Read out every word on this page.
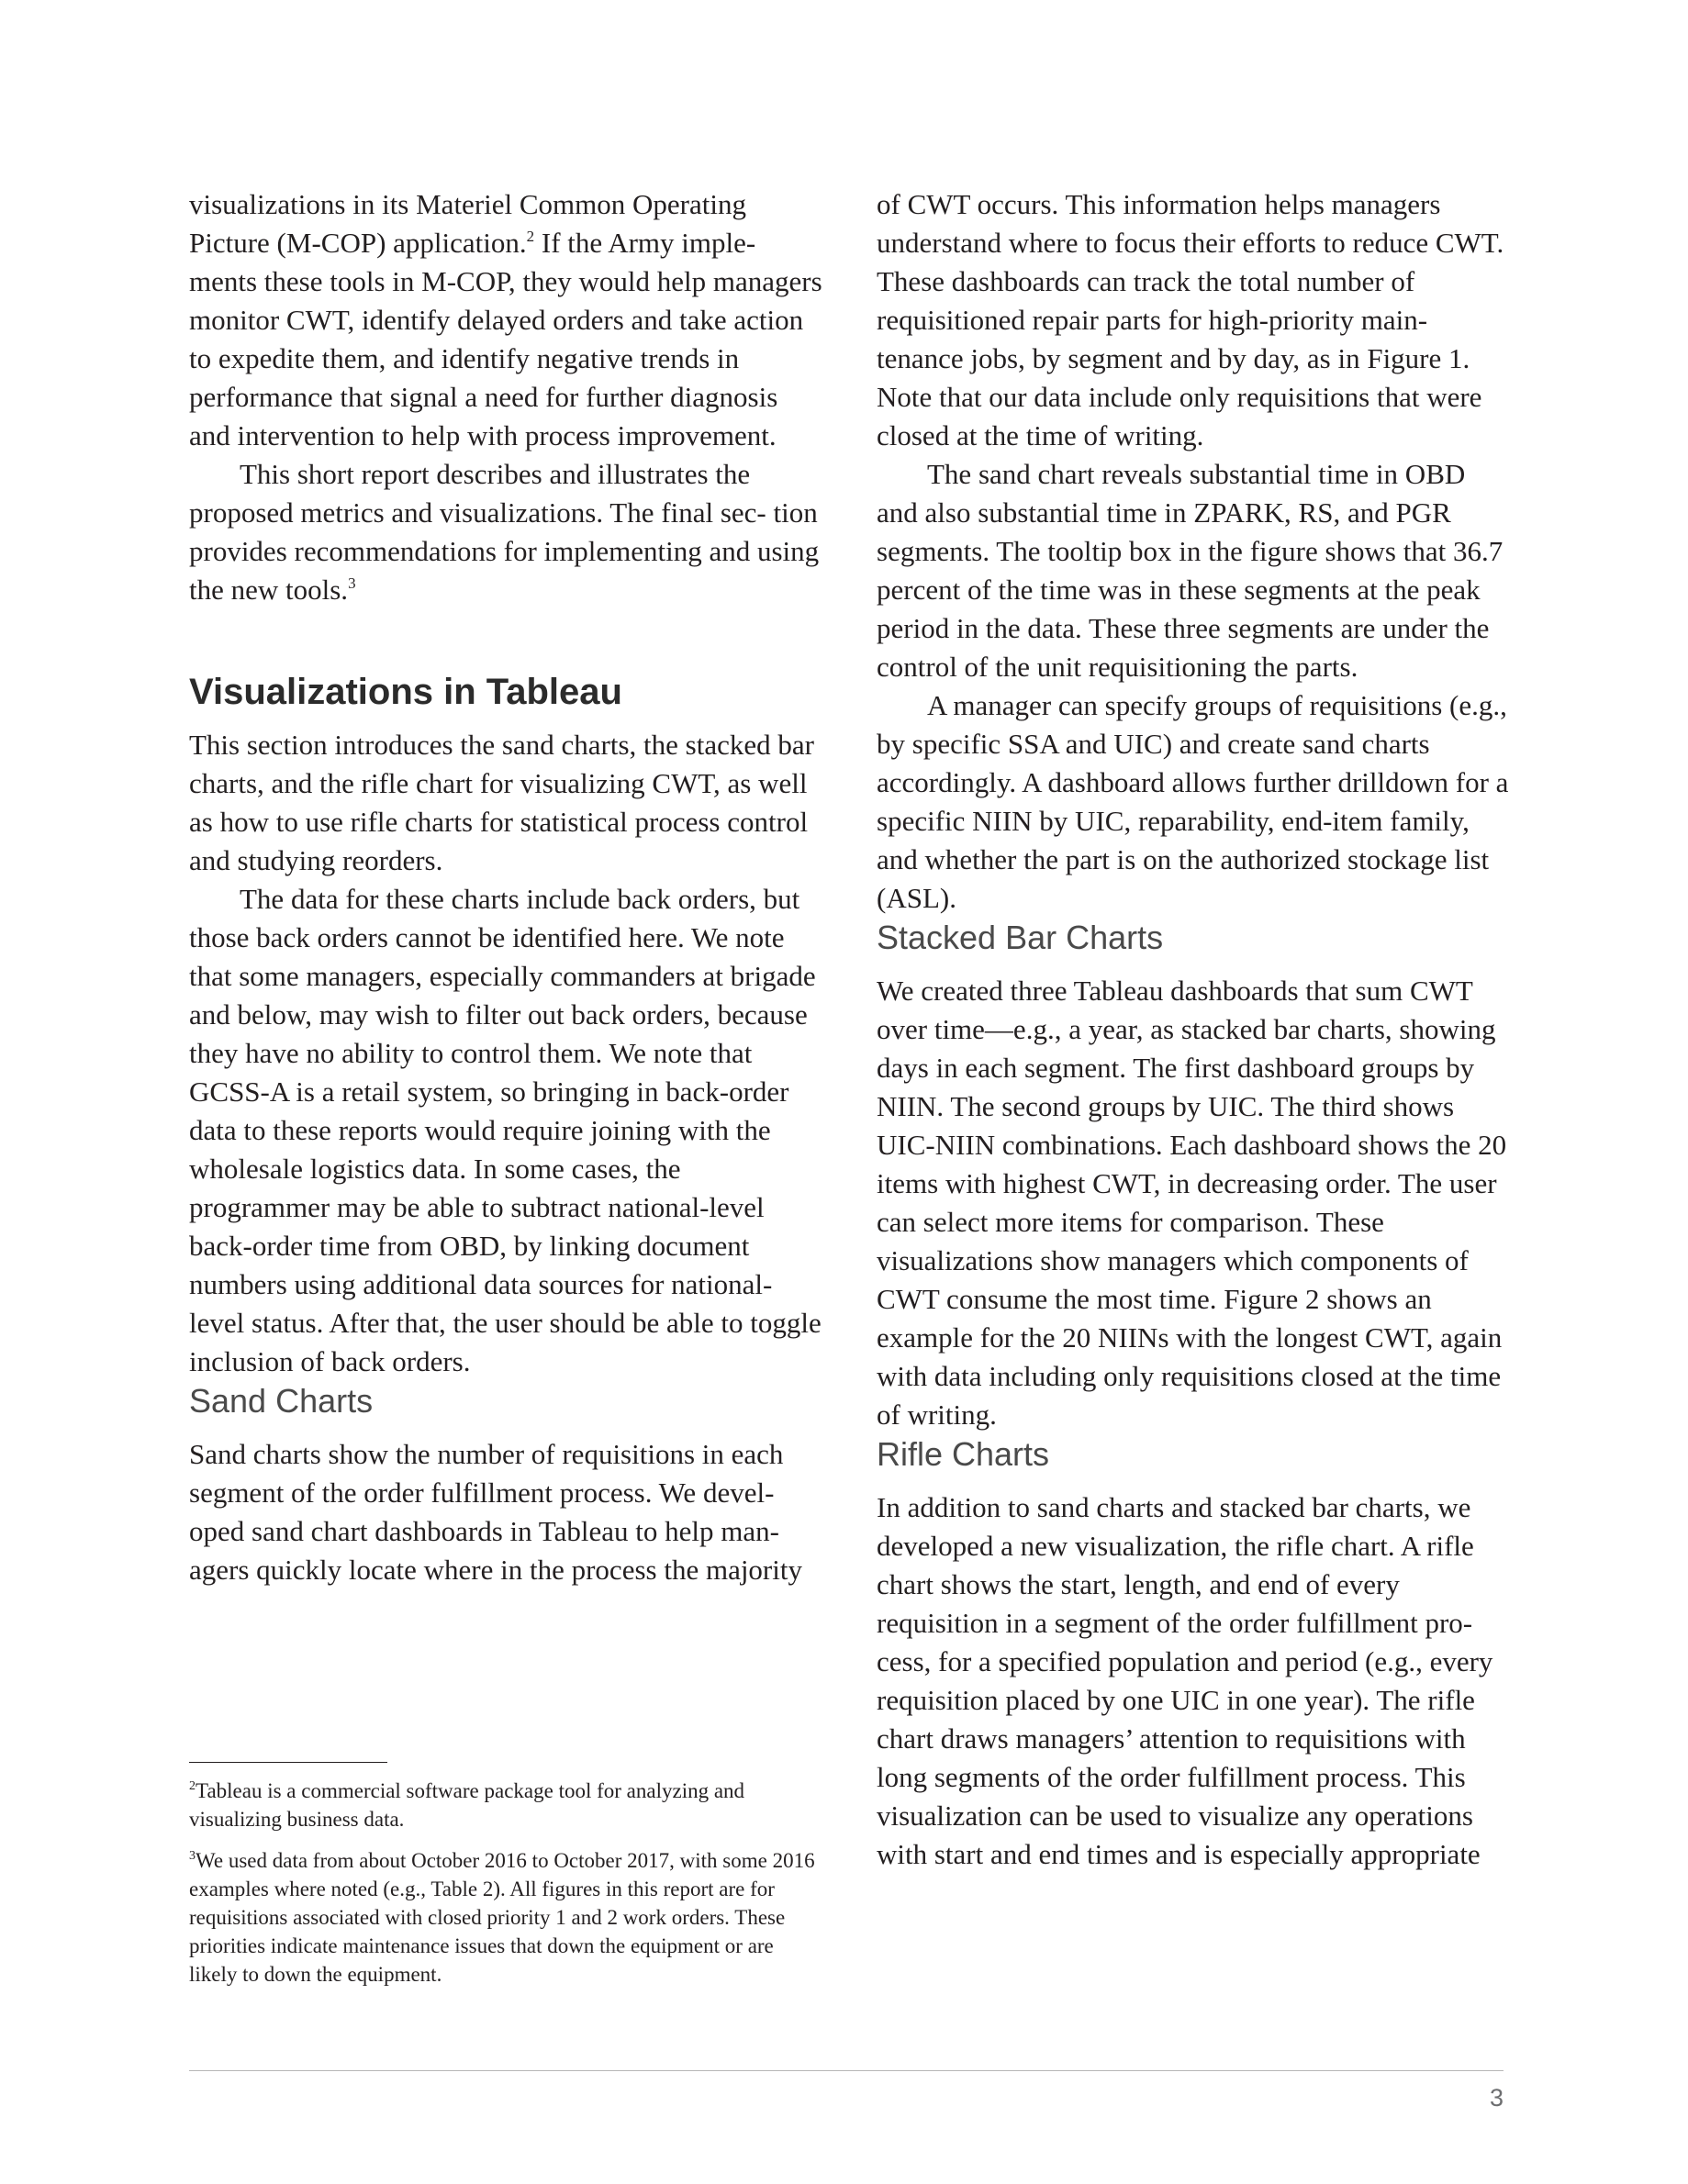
visualizations in its Materiel Common Operating Picture (M-COP) application.$^2$ If the Army imple- ments these tools in M-COP, they would help managers monitor CWT, identify delayed orders and take action to expedite them, and identify negative trends in performance that signal a need for further diagnosis and intervention to help with process improvement.

This short report describes and illustrates the proposed metrics and visualizations. The final sec- tion provides recommendations for implementing and using the new tools.$^3$

Visualizations in Tableau

This section introduces the sand charts, the stacked bar charts, and the rifle chart for visualizing CWT, as well as how to use rifle charts for statistical process control and studying reorders.

The data for these charts include back orders, but those back orders cannot be identified here. We note that some managers, especially commanders at brigade and below, may wish to filter out back orders, because they have no ability to control them. We note that GCSS-A is a retail system, so bringing in back-order data to these reports would require joining with the wholesale logistics data. In some cases, the programmer may be able to subtract national-level back-order time from OBD, by linking document numbers using additional data sources for national-level status. After that, the user should be able to toggle inclusion of back orders.

Sand Charts

Sand charts show the number of requisitions in each segment of the order fulfillment process. We devel- oped sand chart dashboards in Tableau to help man- agers quickly locate where in the process the majority

of CWT occurs. This information helps managers understand where to focus their efforts to reduce CWT. These dashboards can track the total number of requisitioned repair parts for high-priority main- tenance jobs, by segment and by day, as in Figure 1. Note that our data include only requisitions that were closed at the time of writing.

The sand chart reveals substantial time in OBD and also substantial time in ZPARK, RS, and PGR segments. The tooltip box in the figure shows that 36.7 percent of the time was in these segments at the peak period in the data. These three segments are under the control of the unit requisitioning the parts.

A manager can specify groups of requisitions (e.g., by specific SSA and UIC) and create sand charts accordingly. A dashboard allows further drilldown for a specific NIIN by UIC, reparability, end-item family, and whether the part is on the authorized stockage list (ASL).

Stacked Bar Charts

We created three Tableau dashboards that sum CWT over time—e.g., a year, as stacked bar charts, showing days in each segment. The first dashboard groups by NIIN. The second groups by UIC. The third shows UIC-NIIN combinations. Each dashboard shows the 20 items with highest CWT, in decreasing order. The user can select more items for comparison. These visualizations show managers which components of CWT consume the most time. Figure 2 shows an example for the 20 NIINs with the longest CWT, again with data including only requisitions closed at the time of writing.

Rifle Charts

In addition to sand charts and stacked bar charts, we developed a new visualization, the rifle chart. A rifle chart shows the start, length, and end of every requisition in a segment of the order fulfillment pro- cess, for a specified population and period (e.g., every requisition placed by one UIC in one year). The rifle chart draws managers’ attention to requisitions with long segments of the order fulfillment process. This visualization can be used to visualize any operations with start and end times and is especially appropriate

$^2$Tableau is a commercial software package tool for analyzing and visualizing business data.

$^3$We used data from about October 2016 to October 2017, with some 2016 examples where noted (e.g., Table 2). All figures in this report are for requisitions associated with closed priority 1 and 2 work orders. These priorities indicate maintenance issues that down the equipment or are likely to down the equipment.

3
